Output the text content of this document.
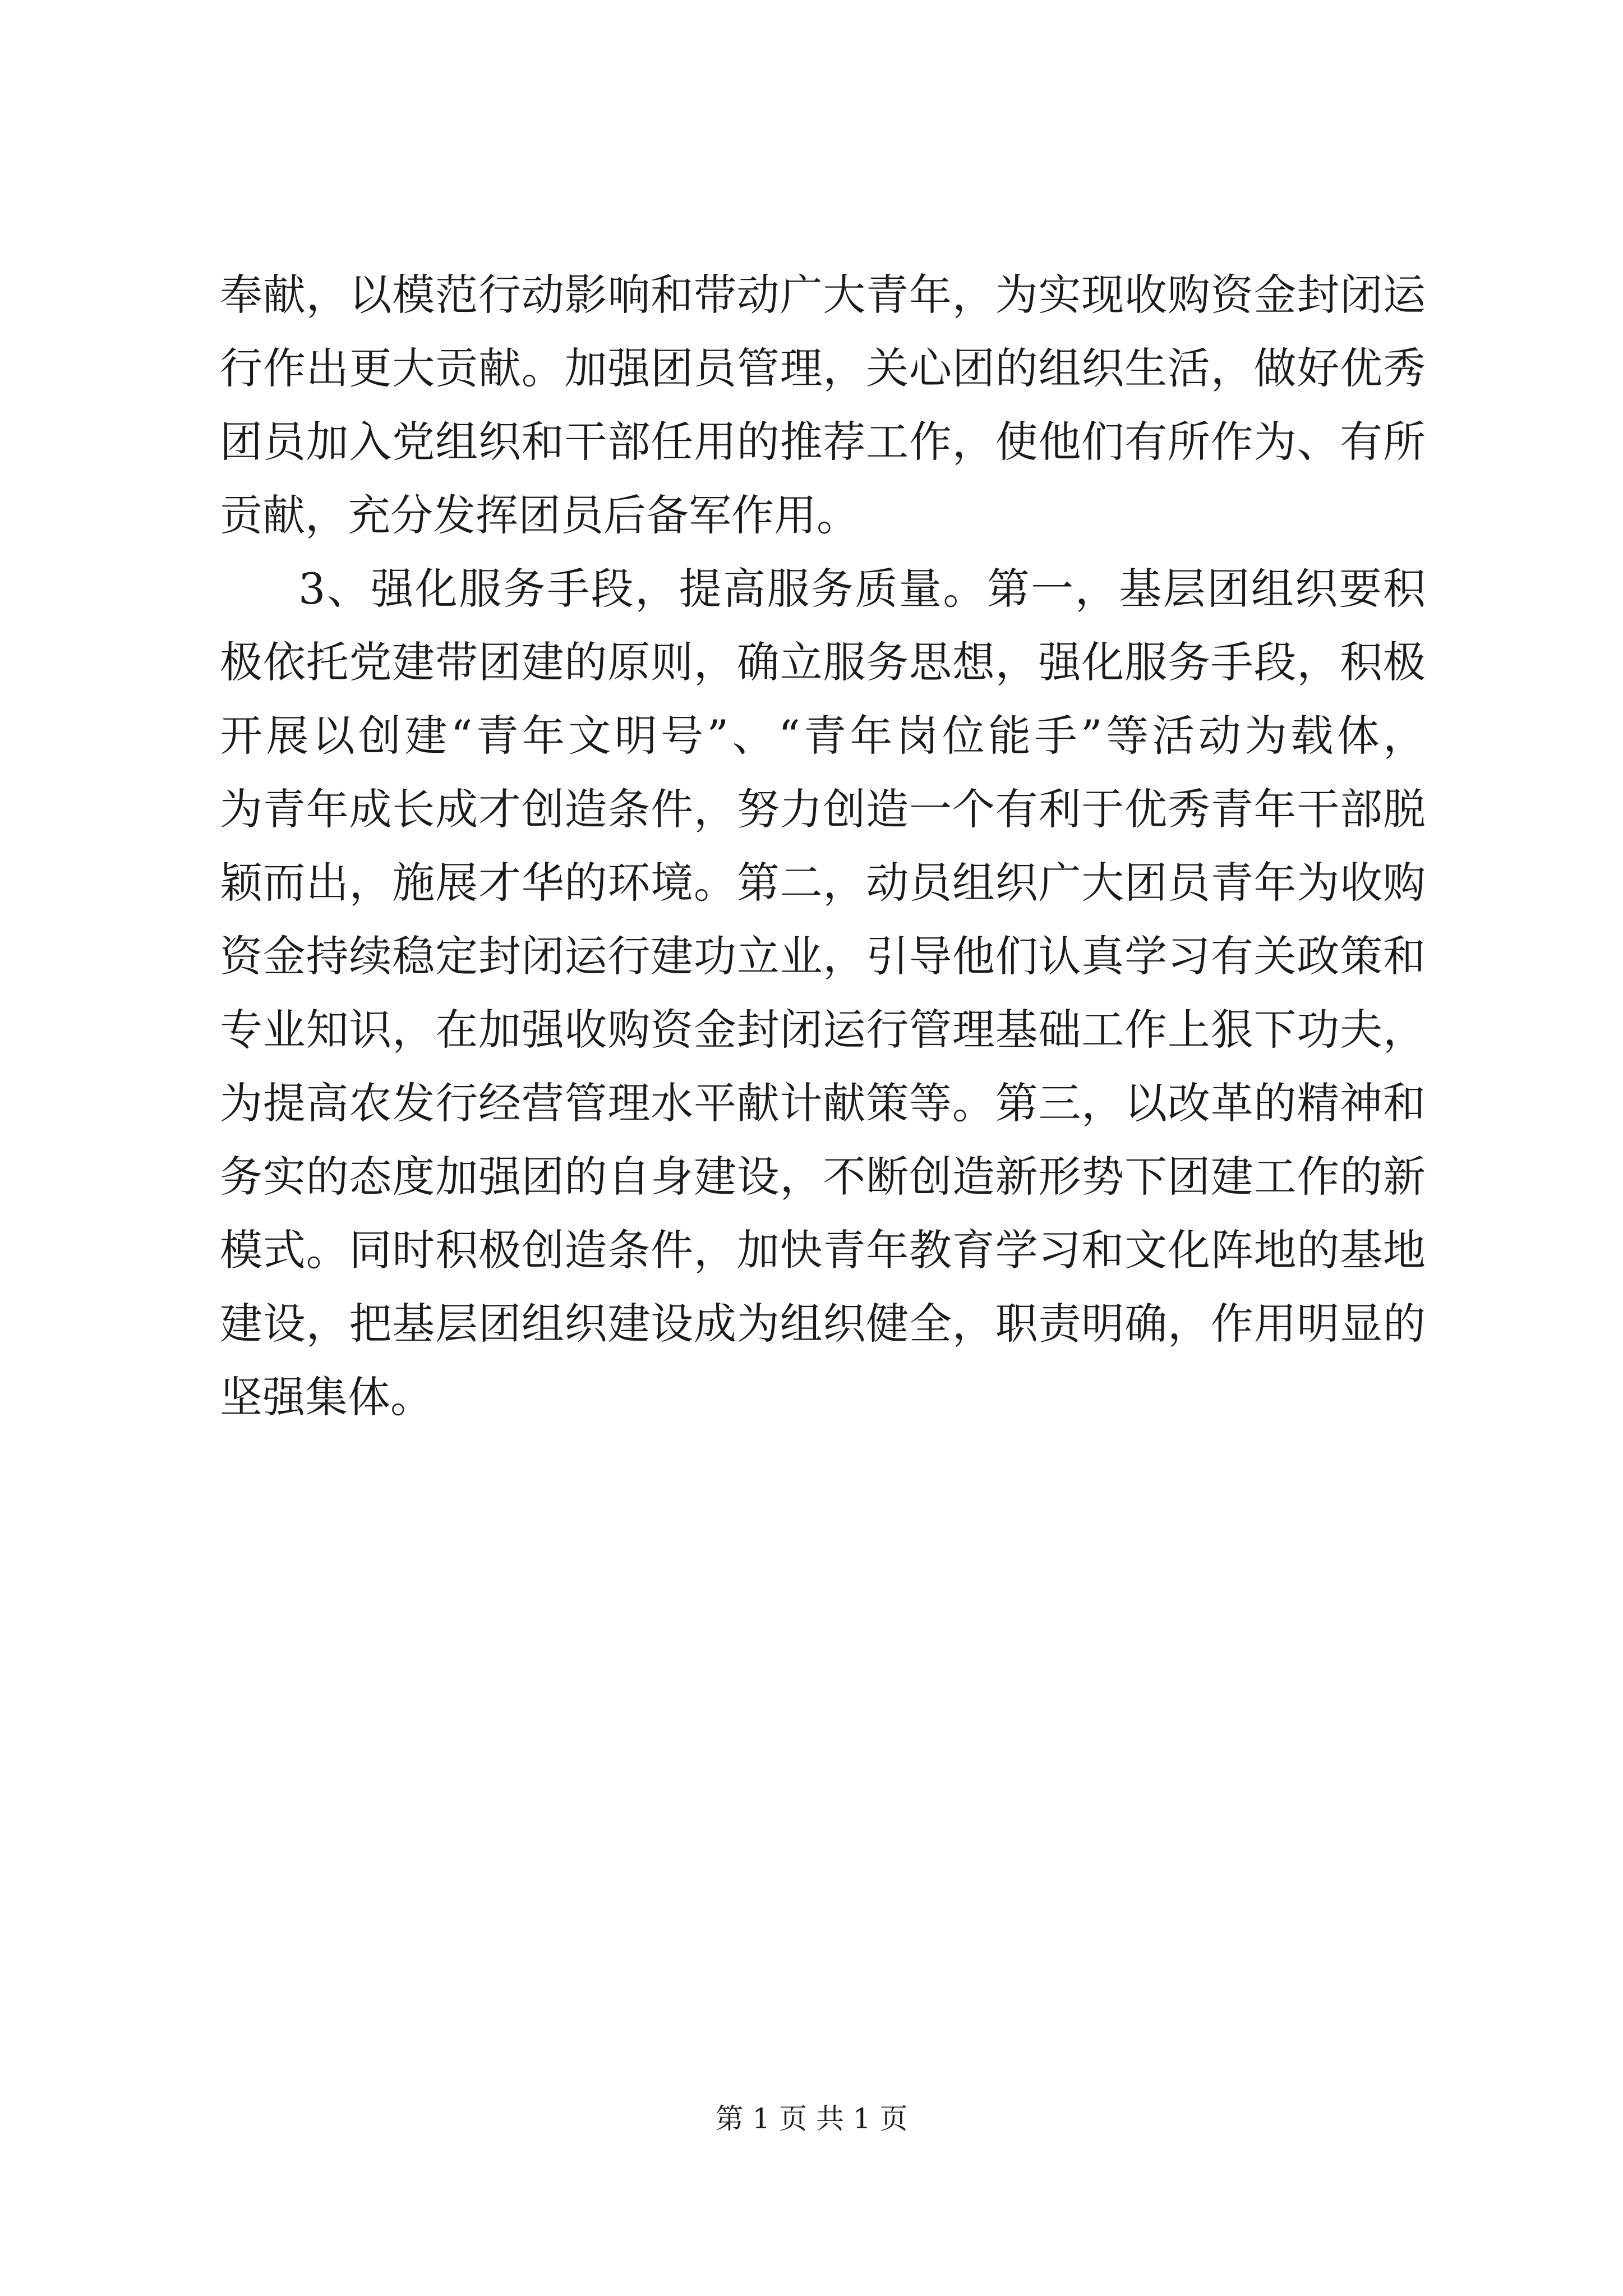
奉献，以模范行动影响和带动广大青年，为实现收购资金封闭运
行作出更大贡献。加强团员管理，关心团的组织生活，做好优秀
团员加入党组织和干部任用的推荐工作，使他们有所作为、有所
贡献，充分发挥团员后备军作用。
3、强化服务手段，提高服务质量。第一，基层团组织要积
极依托党建带团建的原则，确立服务思想，强化服务手段，积极
开展以创建“青年文明号”、“青年岗位能手”等活动为载体，
为青年成长成才创造条件，努力创造一个有利于优秀青年干部脱
颖而出，施展才华的环境。第二，动员组织广大团员青年为收购
资金持续稳定封闭运行建功立业，引导他们认真学习有关政策和
专业知识，在加强收购资金封闭运行管理基础工作上狠下功夫，
为提高农发行经营管理水平献计献策等。第三，以改革的精神和
务实的态度加强团的自身建设，不断创造新形势下团建工作的新
模式。同时积极创造条件，加快青年教育学习和文化阵地的基地
建设，把基层团组织建设成为组织健全，职责明确，作用明显的
坚强集体。
第 1 页 共 1 页
